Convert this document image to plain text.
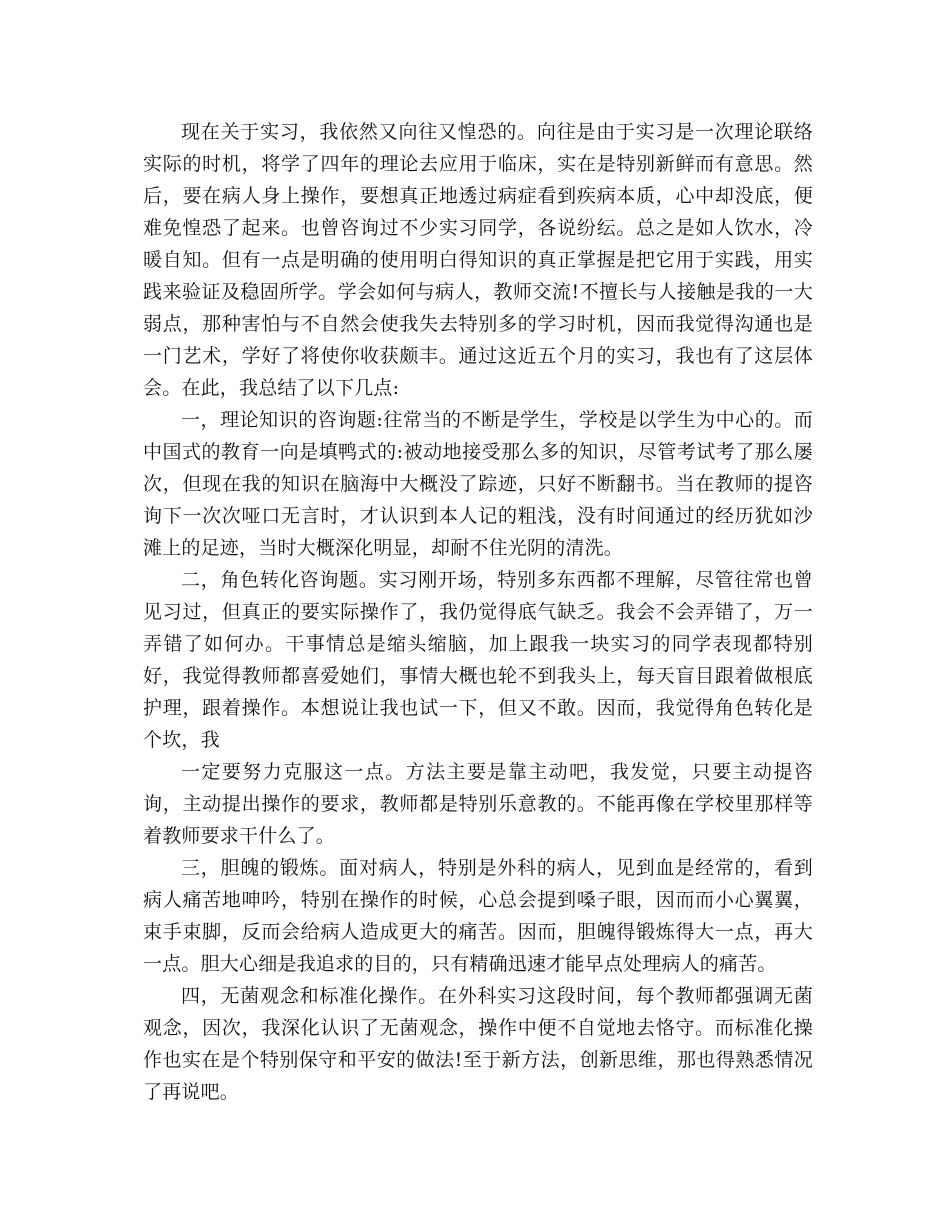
现在关于实习，我依然又向往又惶恐的。向往是由于实习是一次理论联络实际的时机，将学了四年的理论去应用于临床，实在是特别新鲜而有意思。然后，要在病人身上操作，要想真正地透过病症看到疾病本质，心中却没底，便难免惶恐了起来。也曾咨询过不少实习同学，各说纷纭。总之是如人饮水，冷暖自知。但有一点是明确的使用明白得知识的真正掌握是把它用于实践，用实践来验证及稳固所学。学会如何与病人，教师交流!不擅长与人接触是我的一大弱点，那种害怕与不自然会使我失去特别多的学习时机，因而我觉得沟通也是一门艺术，学好了将使你收获颇丰。通过这近五个月的实习，我也有了这层体会。在此，我总结了以下几点:

一，理论知识的咨询题:往常当的不断是学生，学校是以学生为中心的。而中国式的教育一向是填鸭式的:被动地接受那么多的知识，尽管考试考了那么屡次，但现在我的知识在脑海中大概没了踪迹，只好不断翻书。当在教师的提咨询下一次次哑口无言时，才认识到本人记的粗浅，没有时间通过的经历犹如沙滩上的足迹，当时大概深化明显，却耐不住光阴的清洗。

二，角色转化咨询题。实习刚开场，特别多东西都不理解，尽管往常也曾见习过，但真正的要实际操作了，我仍觉得底气缺乏。我会不会弄错了，万一弄错了如何办。干事情总是缩头缩脑，加上跟我一块实习的同学表现都特别好，我觉得教师都喜爱她们，事情大概也轮不到我头上，每天盲目跟着做根底护理，跟着操作。本想说让我也试一下，但又不敢。因而，我觉得角色转化是个坎，我

一定要努力克服这一点。方法主要是靠主动吧，我发觉，只要主动提咨询，主动提出操作的要求，教师都是特别乐意教的。不能再像在学校里那样等着教师要求干什么了。

三，胆魄的锻炼。面对病人，特别是外科的病人，见到血是经常的，看到病人痛苦地呻吟，特别在操作的时候，心总会提到嗓子眼，因而而小心翼翼，束手束脚，反而会给病人造成更大的痛苦。因而，胆魄得锻炼得大一点，再大一点。胆大心细是我追求的目的，只有精确迅速才能早点处理病人的痛苦。

四，无菌观念和标准化操作。在外科实习这段时间，每个教师都强调无菌观念，因次，我深化认识了无菌观念，操作中便不自觉地去恪守。而标准化操作也实在是个特别保守和平安的做法!至于新方法，创新思维，那也得熟悉情况了再说吧。
